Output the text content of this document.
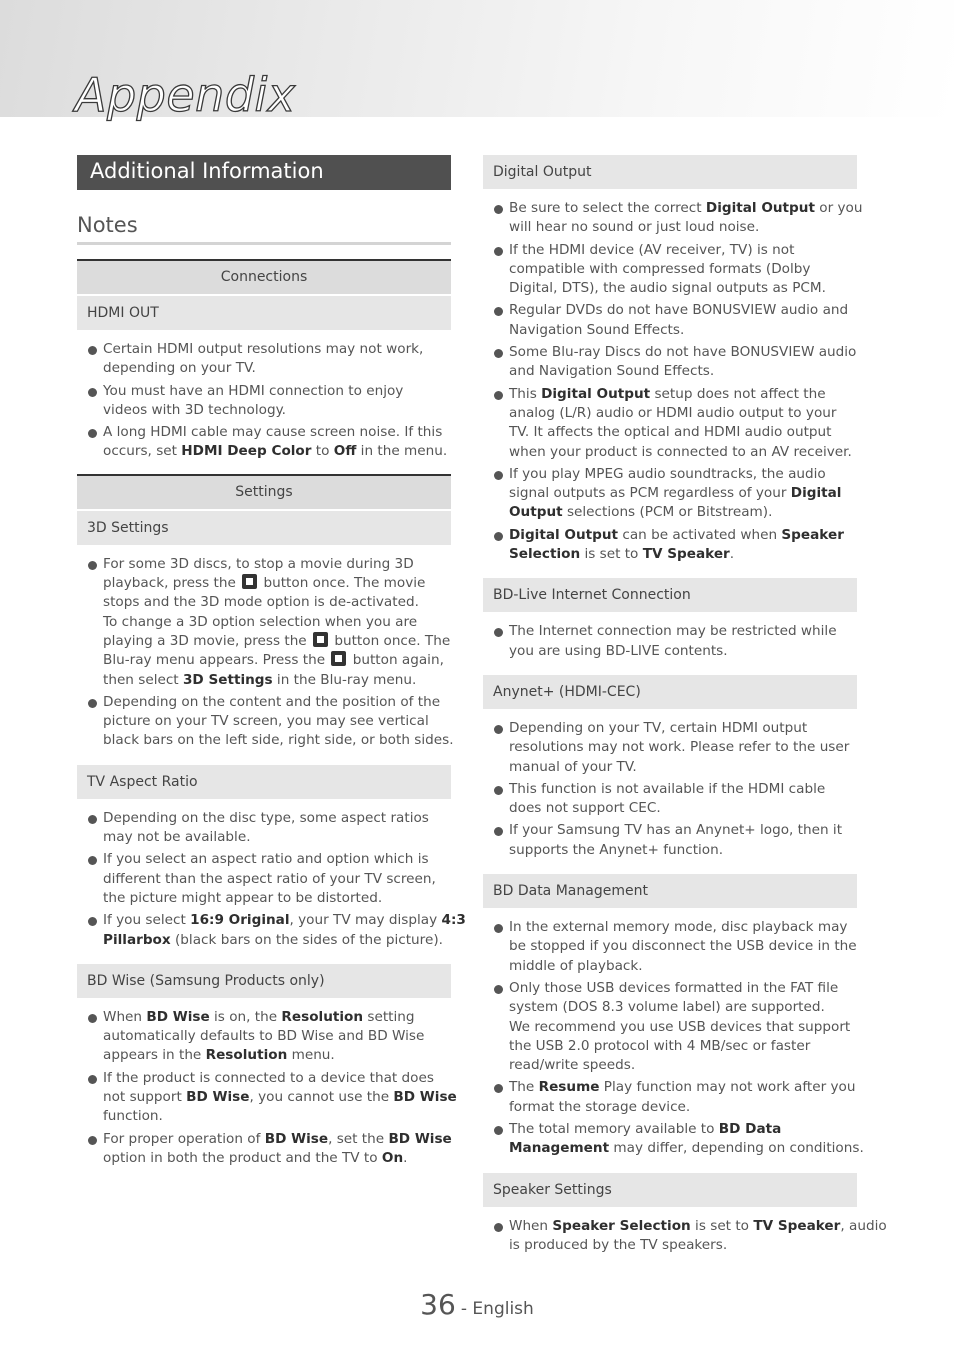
Appendix
Additional Information
Notes
Connections
HDMI OUT
Certain HDMI output resolutions may not work,
depending on your TV.
You must have an HDMI connection to enjoy
videos with 3D technology.
A long HDMI cable may cause screen noise. If this
occurs, set HDMI Deep Color to Off in the menu.
Settings
3D Settings
For some 3D discs, to stop a movie during 3D
playback, press the button once. The movie
stops and the 3D mode option is de-activated.
To change a 3D option selection when you are
playing a 3D movie, press the button once. The
Blu-ray menu appears. Press the button again,
then select 3D Settings in the Blu-ray menu.
Depending on the content and the position of the
picture on your TV screen, you may see vertical
black bars on the left side, right side, or both sides.
TV Aspect Ratio
Depending on the disc type, some aspect ratios
may not be available.
If you select an aspect ratio and option which is
different than the aspect ratio of your TV screen,
the picture might appear to be distorted.
If you select 16:9 Original, your TV may display 4:3
Pillarbox (black bars on the sides of the picture).
BD Wise (Samsung Products only)
When BD Wise is on, the Resolution setting
automatically defaults to BD Wise and BD Wise
appears in the Resolution menu.
If the product is connected to a device that does
not support BD Wise, you cannot use the BD Wise
function.
For proper operation of BD Wise, set the BD Wise
option in both the product and the TV to On.
Digital Output
Be sure to select the correct Digital Output or you
will hear no sound or just loud noise.
If the HDMI device (AV receiver, TV) is not
compatible with compressed formats (Dolby
Digital, DTS), the audio signal outputs as PCM.
Regular DVDs do not have BONUSVIEW audio and
Navigation Sound Effects.
Some Blu-ray Discs do not have BONUSVIEW audio
and Navigation Sound Effects.
This Digital Output setup does not affect the
analog (L/R) audio or HDMI audio output to your
TV. It affects the optical and HDMI audio output
when your product is connected to an AV receiver.
If you play MPEG audio soundtracks, the audio
signal outputs as PCM regardless of your Digital
Output selections (PCM or Bitstream).
Digital Output can be activated when Speaker
Selection is set to TV Speaker.
BD-Live Internet Connection
The Internet connection may be restricted while
you are using BD-LIVE contents.
Anynet+ (HDMI-CEC)
Depending on your TV, certain HDMI output
resolutions may not work. Please refer to the user
manual of your TV.
This function is not available if the HDMI cable
does not support CEC.
If your Samsung TV has an Anynet+ logo, then it
supports the Anynet+ function.
BD Data Management
In the external memory mode, disc playback may
be stopped if you disconnect the USB device in the
middle of playback.
Only those USB devices formatted in the FAT file
system (DOS 8.3 volume label) are supported.
We recommend you use USB devices that support
the USB 2.0 protocol with 4 MB/sec or faster
read/write speeds.
The Resume Play function may not work after you
format the storage device.
The total memory available to BD Data
Management may differ, depending on conditions.
Speaker Settings
When Speaker Selection is set to TV Speaker, audio
is produced by the TV speakers.
36 - English
